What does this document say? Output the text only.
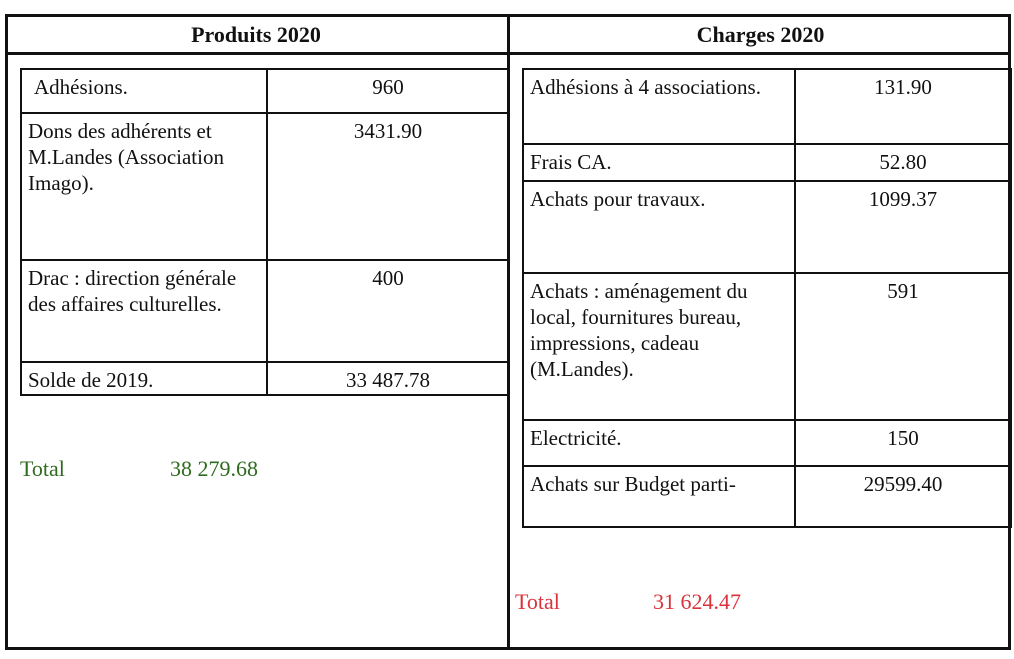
Produits 2020	Charges 2020
Adhésions.	960
Dons des adhérents et M.Landes (Association Imago).	3431.90
Drac : direction générale des affaires culturelles.	400
Solde de 2019.	33 487.78
Total	38 279.68
Adhésions à 4 associations.	131.90
Frais CA.	52.80
Achats pour travaux.	1099.37
Achats : aménagement du local, fournitures bureau, impressions, cadeau (M.Landes).	591
Electricité.	150
Achats sur Budget parti-	29599.40
Total	31 624.47
